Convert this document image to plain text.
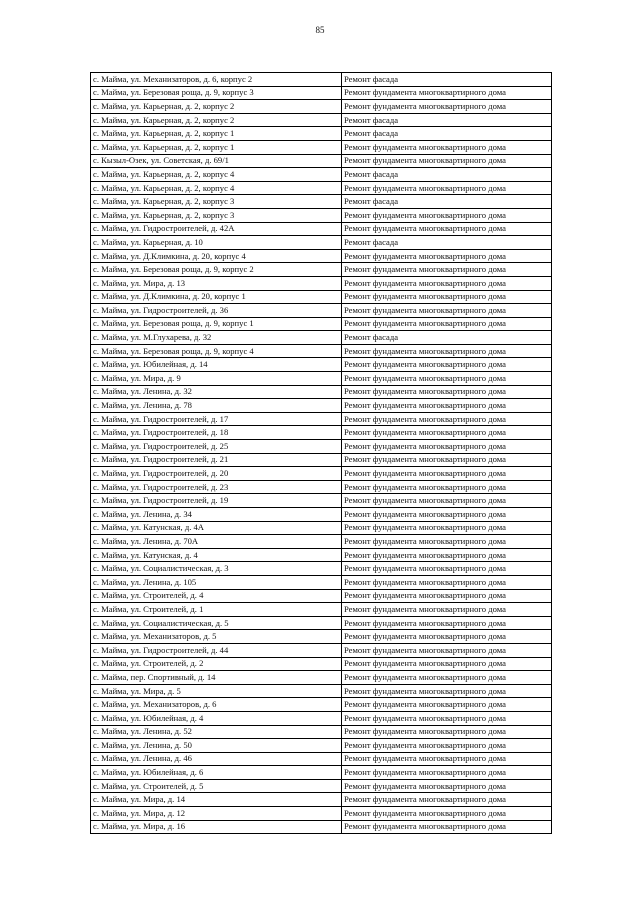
85
с. Майма, ул. Механизаторов, д. 6, корпус 2	Ремонт фасада
с. Майма, ул. Березовая роща, д. 9, корпус 3	Ремонт фундамента многоквартирного дома
с. Майма, ул. Карьерная, д. 2, корпус 2	Ремонт фундамента многоквартирного дома
с. Майма, ул. Карьерная, д. 2, корпус 2	Ремонт фасада
с. Майма, ул. Карьерная, д. 2, корпус 1	Ремонт фасада
с. Майма, ул. Карьерная, д. 2, корпус 1	Ремонт фундамента многоквартирного дома
с. Кызыл-Озек, ул. Советская, д. 69/1	Ремонт фундамента многоквартирного дома
с. Майма, ул. Карьерная, д. 2, корпус 4	Ремонт фасада
с. Майма, ул. Карьерная, д. 2, корпус 4	Ремонт фундамента многоквартирного дома
с. Майма, ул. Карьерная, д. 2, корпус 3	Ремонт фасада
с. Майма, ул. Карьерная, д. 2, корпус 3	Ремонт фундамента многоквартирного дома
с. Майма, ул. Гидростроителей, д. 42А	Ремонт фундамента многоквартирного дома
с. Майма, ул. Карьерная, д. 10	Ремонт фасада
с. Майма, ул. Д.Климкина, д. 20, корпус 4	Ремонт фундамента многоквартирного дома
с. Майма, ул. Березовая роща, д. 9, корпус 2	Ремонт фундамента многоквартирного дома
с. Майма, ул. Мира, д. 13	Ремонт фундамента многоквартирного дома
с. Майма, ул. Д.Климкина, д. 20, корпус 1	Ремонт фундамента многоквартирного дома
с. Майма, ул. Гидростроителей, д. 36	Ремонт фундамента многоквартирного дома
с. Майма, ул. Березовая роща, д. 9, корпус 1	Ремонт фундамента многоквартирного дома
с. Майма, ул. М.Глухарева, д. 32	Ремонт фасада
с. Майма, ул. Березовая роща, д. 9, корпус 4	Ремонт фундамента многоквартирного дома
с. Майма, ул. Юбилейная, д. 14	Ремонт фундамента многоквартирного дома
с. Майма, ул. Мира, д. 9	Ремонт фундамента многоквартирного дома
с. Майма, ул. Ленина, д. 32	Ремонт фундамента многоквартирного дома
с. Майма, ул. Ленина, д. 78	Ремонт фундамента многоквартирного дома
с. Майма, ул. Гидростроителей, д. 17	Ремонт фундамента многоквартирного дома
с. Майма, ул. Гидростроителей, д. 18	Ремонт фундамента многоквартирного дома
с. Майма, ул. Гидростроителей, д. 25	Ремонт фундамента многоквартирного дома
с. Майма, ул. Гидростроителей, д. 21	Ремонт фундамента многоквартирного дома
с. Майма, ул. Гидростроителей, д. 20	Ремонт фундамента многоквартирного дома
с. Майма, ул. Гидростроителей, д. 23	Ремонт фундамента многоквартирного дома
с. Майма, ул. Гидростроителей, д. 19	Ремонт фундамента многоквартирного дома
с. Майма, ул. Ленина, д. 34	Ремонт фундамента многоквартирного дома
с. Майма, ул. Катунская, д. 4А	Ремонт фундамента многоквартирного дома
с. Майма, ул. Ленина, д. 70А	Ремонт фундамента многоквартирного дома
с. Майма, ул. Катунская, д. 4	Ремонт фундамента многоквартирного дома
с. Майма, ул. Социалистическая, д. 3	Ремонт фундамента многоквартирного дома
с. Майма, ул. Ленина, д. 105	Ремонт фундамента многоквартирного дома
с. Майма, ул. Строителей, д. 4	Ремонт фундамента многоквартирного дома
с. Майма, ул. Строителей, д. 1	Ремонт фундамента многоквартирного дома
с. Майма, ул. Социалистическая, д. 5	Ремонт фундамента многоквартирного дома
с. Майма, ул. Механизаторов, д. 5	Ремонт фундамента многоквартирного дома
с. Майма, ул. Гидростроителей, д. 44	Ремонт фундамента многоквартирного дома
с. Майма, ул. Строителей, д. 2	Ремонт фундамента многоквартирного дома
с. Майма, пер. Спортивный, д. 14	Ремонт фундамента многоквартирного дома
с. Майма, ул. Мира, д. 5	Ремонт фундамента многоквартирного дома
с. Майма, ул. Механизаторов, д. 6	Ремонт фундамента многоквартирного дома
с. Майма, ул. Юбилейная, д. 4	Ремонт фундамента многоквартирного дома
с. Майма, ул. Ленина, д. 52	Ремонт фундамента многоквартирного дома
с. Майма, ул. Ленина, д. 50	Ремонт фундамента многоквартирного дома
с. Майма, ул. Ленина, д. 46	Ремонт фундамента многоквартирного дома
с. Майма, ул. Юбилейная, д. 6	Ремонт фундамента многоквартирного дома
с. Майма, ул. Строителей, д. 5	Ремонт фундамента многоквартирного дома
с. Майма, ул. Мира, д. 14	Ремонт фундамента многоквартирного дома
с. Майма, ул. Мира, д. 12	Ремонт фундамента многоквартирного дома
с. Майма, ул. Мира, д. 16	Ремонт фундамента многоквартирного дома
